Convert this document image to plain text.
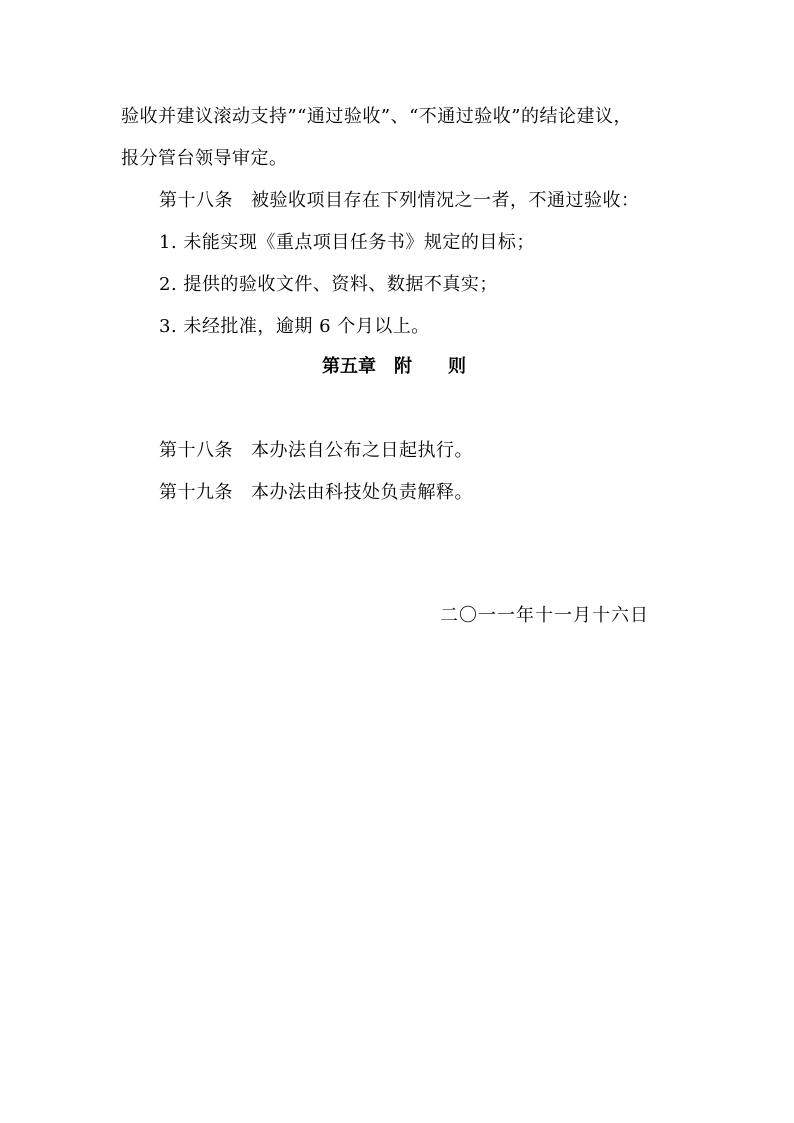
验收并建议滚动支持”“通过验收”、“不通过验收”的结论建议，
报分管台领导审定。
第十八条 被验收项目存在下列情况之一者，不通过验收：
1. 未能实现《重点项目任务书》规定的目标；
2. 提供的验收文件、资料、数据不真实；
3. 未经批准，逾期 6 个月以上。
第五章　附　　则
第十八条 本办法自公布之日起执行。
第十九条 本办法由科技处负责解释。
二〇一一年十一月十六日
